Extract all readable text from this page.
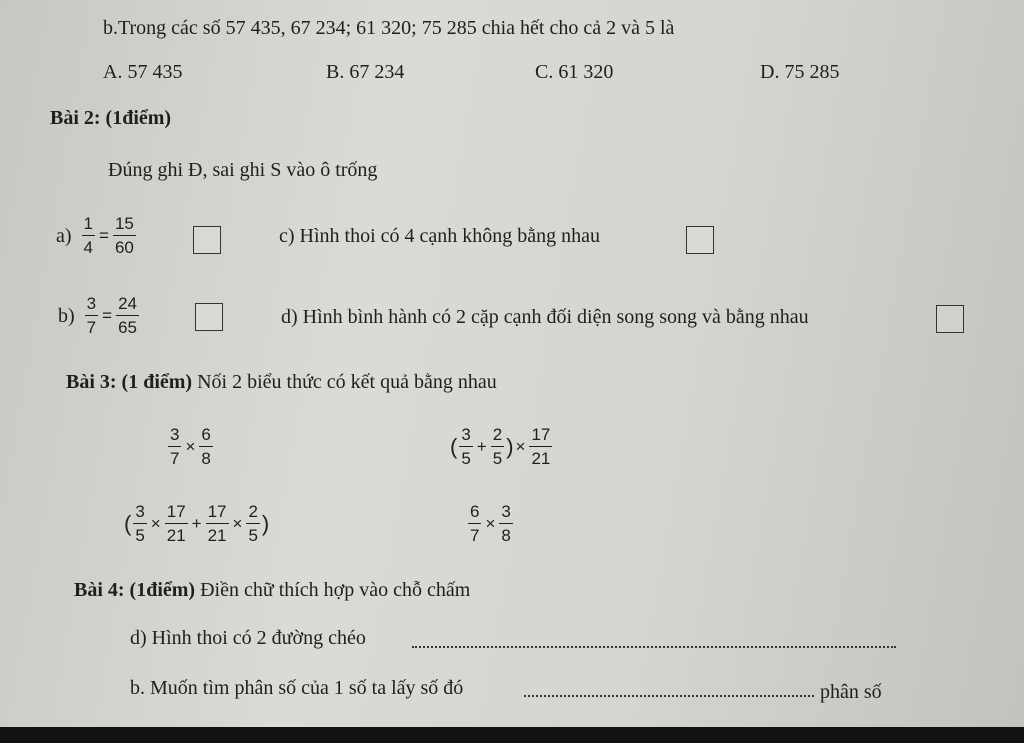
b.Trong các số 57 435, 67 234; 61 320; 75 285 chia hết cho cả 2 và 5 là
A. 57 435	B. 67 234	C. 61 320	D. 75 285
Bài 2: (1điểm)
Đúng ghi Đ, sai ghi S vào ô trống
$a) \frac{1}{4} = \frac{15}{60}$	c) Hình thoi có 4 cạnh không bằng nhau
$b) \frac{3}{7} = \frac{24}{65}$	d) Hình bình hành có 2 cặp cạnh đối diện song song và bằng nhau
Bài 3: (1 điểm) Nối 2 biểu thức có kết quả bằng nhau
$\frac{3}{7} \times \frac{6}{8}$	( $\frac{3}{5} + \frac{2}{5}$ ) × $\frac{17}{21}$
( $\frac{3}{5} \times \frac{17}{21} + \frac{17}{21} \times \frac{2}{5}$ )	$\frac{6}{7} \times \frac{3}{8}$
Bài 4: (1điểm) Điền chữ thích hợp vào chỗ chấm
d) Hình thoi có 2 đường chéo
b. Muốn tìm phân số của 1 số ta lấy số đó	phân số
